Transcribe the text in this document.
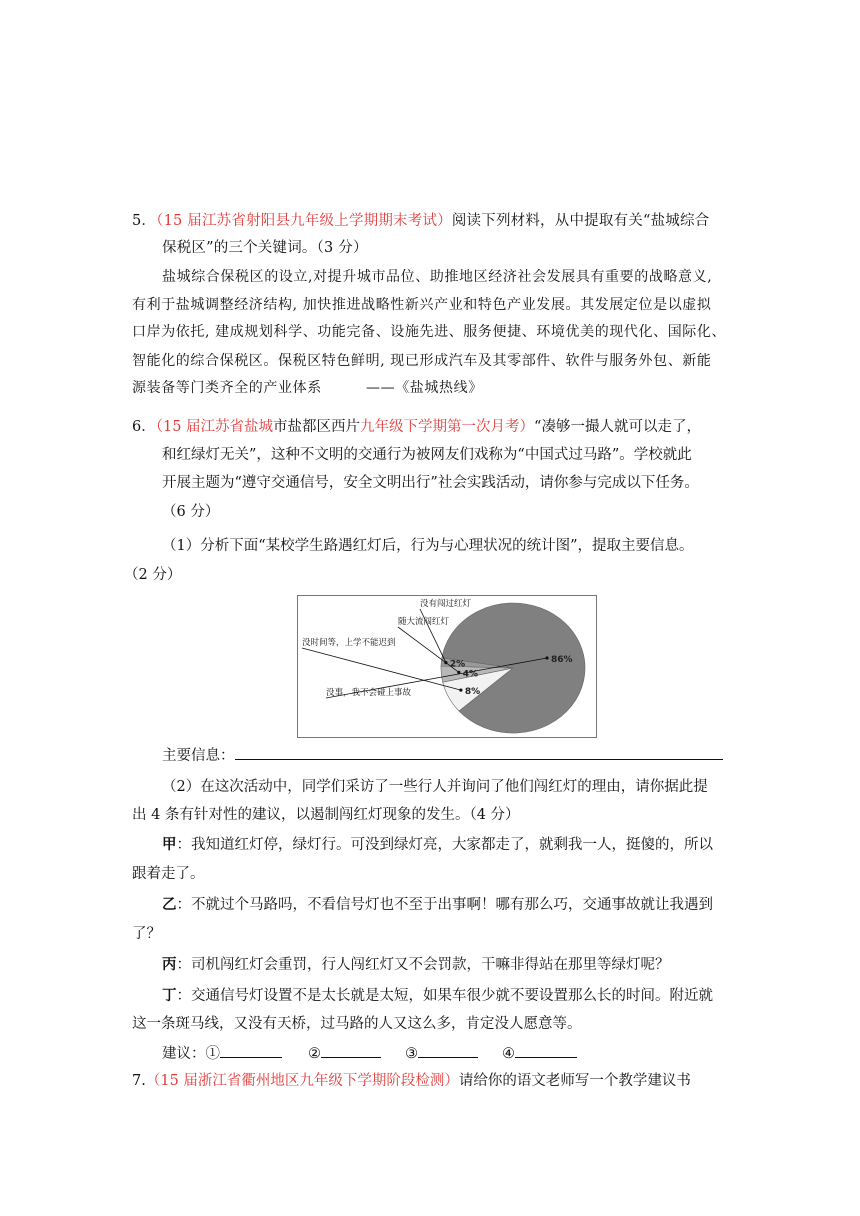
5．（15 届江苏省射阳县九年级上学期期末考试）阅读下列材料，从中提取有关“盐城综合
保税区”的三个关键词。（3 分）
盐城综合保税区的设立,对提升城市品位、助推地区经济社会发展具有重要的战略意义,
有利于盐城调整经济结构, 加快推进战略性新兴产业和特色产业发展。其发展定位是以虚拟
口岸为依托, 建成规划科学、功能完备、设施先进、服务便捷、环境优美的现代化、国际化、
智能化的综合保税区。保税区特色鲜明, 现已形成汽车及其零部件、软件与服务外包、新能
源装备等门类齐全的产业体系	——《盐城热线》
6．（15 届江苏省盐城市盐都区西片九年级下学期第一次月考）“凑够一撮人就可以走了，
和红绿灯无关”，这种不文明的交通行为被网友们戏称为“中国式过马路”。学校就此
开展主题为“遵守交通信号，安全文明出行”社会实践活动，请你参与完成以下任务。
（6 分）
（1）分析下面“某校学生路遇红灯后，行为与心理状况的统计图”，提取主要信息。
（2 分）
86%
8%
4%
2%
没事，我不会碰上事故
没时间等，上学不能迟到
随大流闯红灯
没有闯过红灯
主要信息：
（2）在这次活动中，同学们采访了一些行人并询问了他们闯红灯的理由，请你据此提
出 4 条有针对性的建议，以遏制闯红灯现象的发生。（4 分）
甲：我知道红灯停，绿灯行。可没到绿灯亮，大家都走了，就剩我一人，挺傻的，所以
跟着走了。
乙：不就过个马路吗，不看信号灯也不至于出事啊！哪有那么巧，交通事故就让我遇到
了？
丙：司机闯红灯会重罚，行人闯红灯又不会罚款，干嘛非得站在那里等绿灯呢？
丁：交通信号灯设置不是太长就是太短，如果车很少就不要设置那么长的时间。附近就
这一条斑马线，又没有天桥，过马路的人又这么多，肯定没人愿意等。
建议：①	②	③	④
7.（15 届浙江省衢州地区九年级下学期阶段检测）请给你的语文老师写一个教学建议书
